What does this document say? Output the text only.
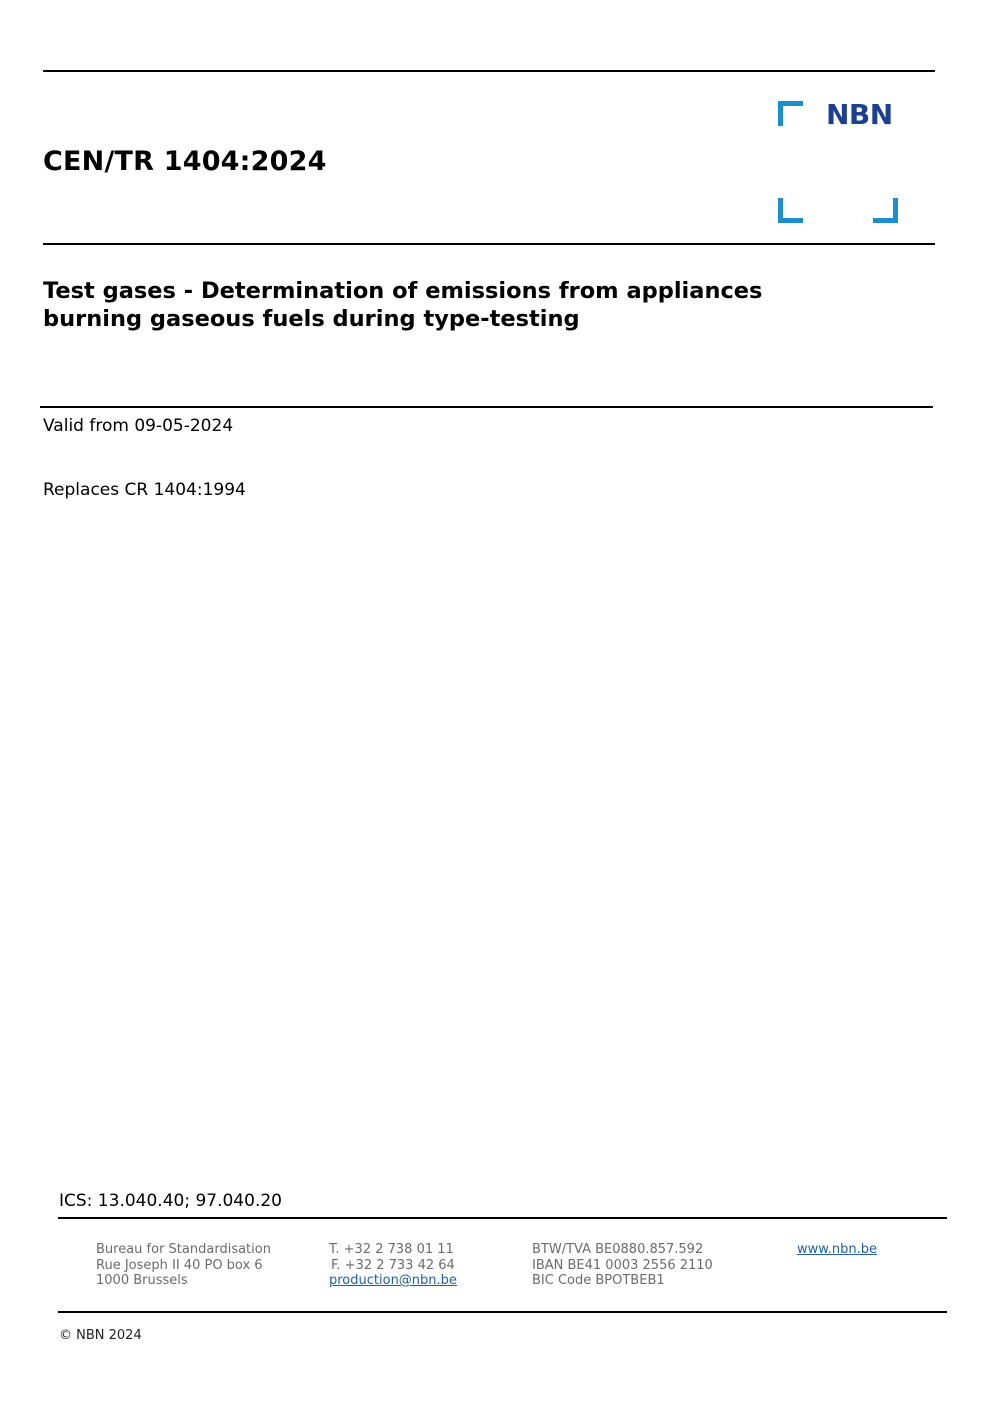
CEN/TR 1404:2024
NBN
Test gases - Determination of emissions from appliances
burning gaseous fuels during type-testing
Valid from 09-05-2024
Replaces CR 1404:1994
ICS: 13.040.40; 97.040.20
Bureau for Standardisation
Rue Joseph II 40 PO box 6
1000 Brussels
T. +32 2 738 01 11
F. +32 2 733 42 64
production@nbn.be
BTW/TVA BE0880.857.592
IBAN BE41 0003 2556 2110
BIC Code BPOTBEB1
www.nbn.be
© NBN 2024
